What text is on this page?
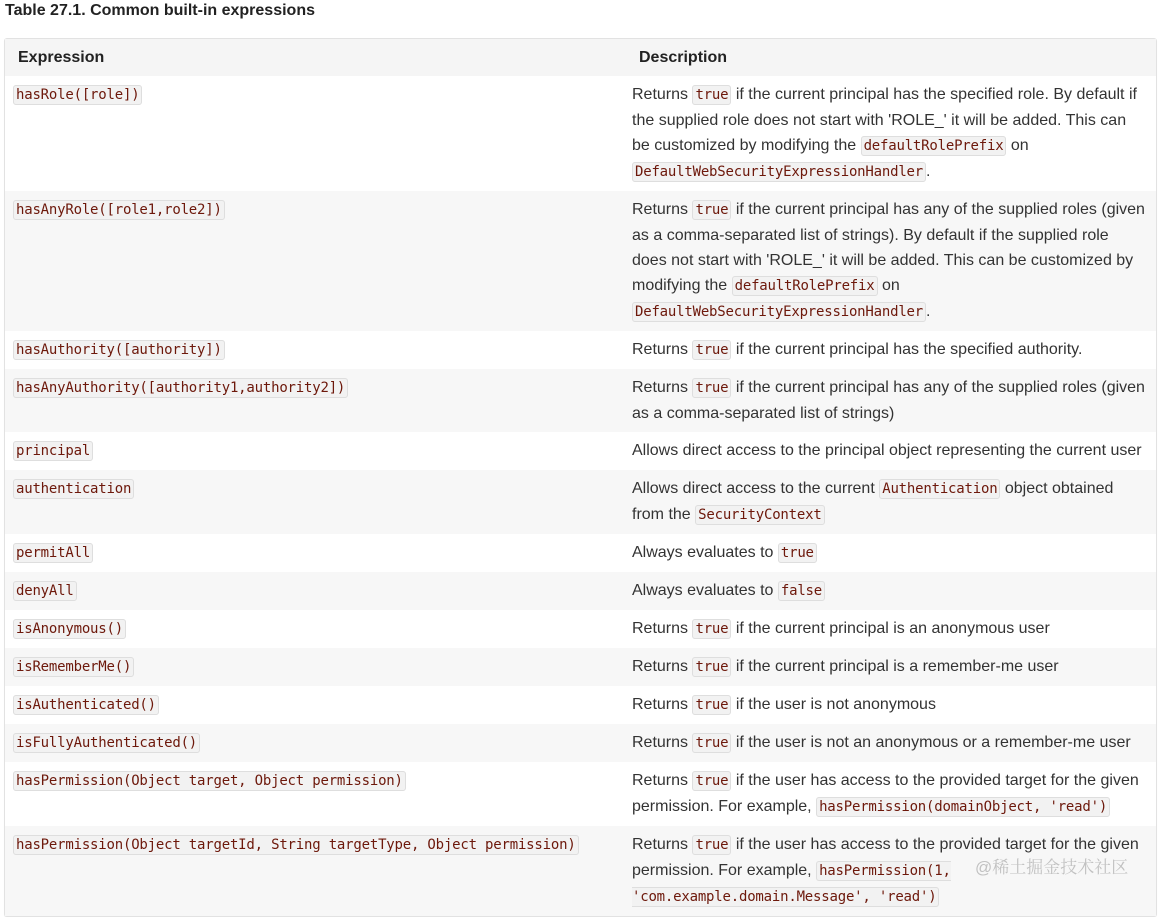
Table 27.1. Common built-in expressions
Expression	Description
hasRole([role])	Returns true if the current principal has the specified role. By default if the supplied role does not start with 'ROLE_' it will be added. This can be customized by modifying the defaultRolePrefix on DefaultWebSecurityExpressionHandler .
hasAnyRole([role1,role2])	Returns true if the current principal has any of the supplied roles (given as a comma-separated list of strings). By default if the supplied role does not start with 'ROLE_' it will be added. This can be customized by modifying the defaultRolePrefix on DefaultWebSecurityExpressionHandler .
hasAuthority([authority])	Returns true if the current principal has the specified authority.
hasAnyAuthority([authority1,authority2])	Returns true if the current principal has any of the supplied roles (given as a comma-separated list of strings)
principal	Allows direct access to the principal object representing the current user
authentication	Allows direct access to the current Authentication object obtained from the SecurityContext
permitAll	Always evaluates to true
denyAll	Always evaluates to false
isAnonymous()	Returns true if the current principal is an anonymous user
isRememberMe()	Returns true if the current principal is a remember-me user
isAuthenticated()	Returns true if the user is not anonymous
isFullyAuthenticated()	Returns true if the user is not an anonymous or a remember-me user
hasPermission(Object target, Object permission)	Returns true if the user has access to the provided target for the given permission. For example, hasPermission(domainObject, 'read')
hasPermission(Object targetId, String targetType, Object permission)	Returns true if the user has access to the provided target for the given permission. For example, hasPermission(1, 'com.example.domain.Message', 'read')
@稀土掘金技术社区
